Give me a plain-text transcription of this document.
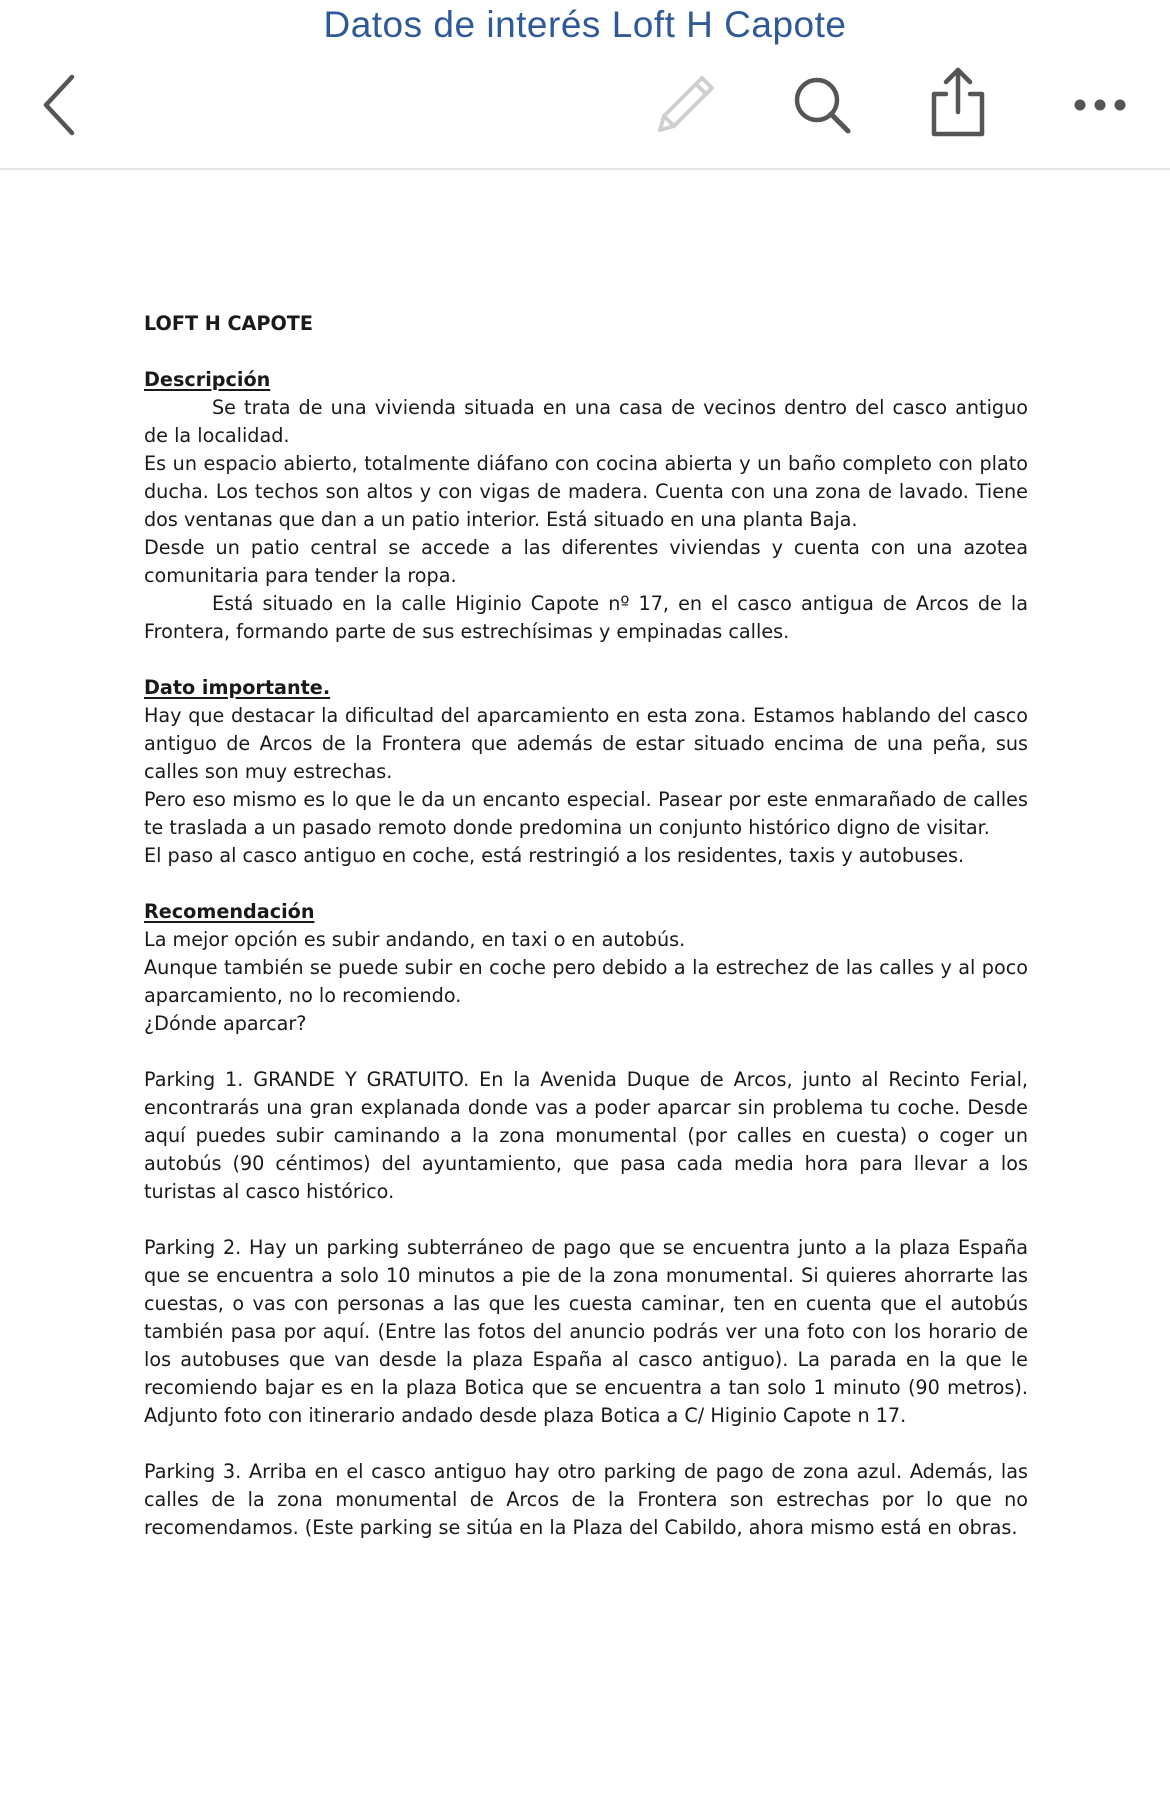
Datos de interés Loft H Capote

LOFT H CAPOTE

Descripción

Se trata de una vivienda situada en una casa de vecinos dentro del casco antiguo de la localidad.

Es un espacio abierto, totalmente diáfano con cocina abierta y un baño completo con plato ducha. Los techos son altos y con vigas de madera. Cuenta con una zona de lavado. Tiene dos ventanas que dan a un patio interior. Está situado en una planta Baja.

Desde un patio central se accede a las diferentes viviendas y cuenta con una azotea comunitaria para tender la ropa.

Está situado en la calle Higinio Capote nº 17, en el casco antigua de Arcos de la Frontera, formando parte de sus estrechísimas y empinadas calles.

Dato importante.

Hay que destacar la dificultad del aparcamiento en esta zona. Estamos hablando del casco antiguo de Arcos de la Frontera que además de estar situado encima de una peña, sus calles son muy estrechas.

Pero eso mismo es lo que le da un encanto especial. Pasear por este enmarañado de calles te traslada a un pasado remoto donde predomina un conjunto histórico digno de visitar.

El paso al casco antiguo en coche, está restringió a los residentes, taxis y autobuses.

Recomendación

La mejor opción es subir andando, en taxi o en autobús.

Aunque también se puede subir en coche pero debido a la estrechez de las calles y al poco aparcamiento, no lo recomiendo.

¿Dónde aparcar?

Parking 1. GRANDE Y GRATUITO. En la Avenida Duque de Arcos, junto al Recinto Ferial, encontrarás una gran explanada donde vas a poder aparcar sin problema tu coche. Desde aquí puedes subir caminando a la zona monumental (por calles en cuesta) o coger un autobús (90 céntimos) del ayuntamiento, que pasa cada media hora para llevar a los turistas al casco histórico.

Parking 2. Hay un parking subterráneo de pago que se encuentra junto a la plaza España que se encuentra a solo 10 minutos a pie de la zona monumental. Si quieres ahorrarte las cuestas, o vas con personas a las que les cuesta caminar, ten en cuenta que el autobús también pasa por aquí. (Entre las fotos del anuncio podrás ver una foto con los horario de los autobuses que van desde la plaza España al casco antiguo). La parada en la que le recomiendo bajar es en la plaza Botica que se encuentra a tan solo 1 minuto (90 metros). Adjunto foto con itinerario andado desde plaza Botica a C/ Higinio Capote n 17.

Parking 3. Arriba en el casco antiguo hay otro parking de pago de zona azul. Además, las calles de la zona monumental de Arcos de la Frontera son estrechas por lo que no recomendamos. (Este parking se sitúa en la Plaza del Cabildo, ahora mismo está en obras.
